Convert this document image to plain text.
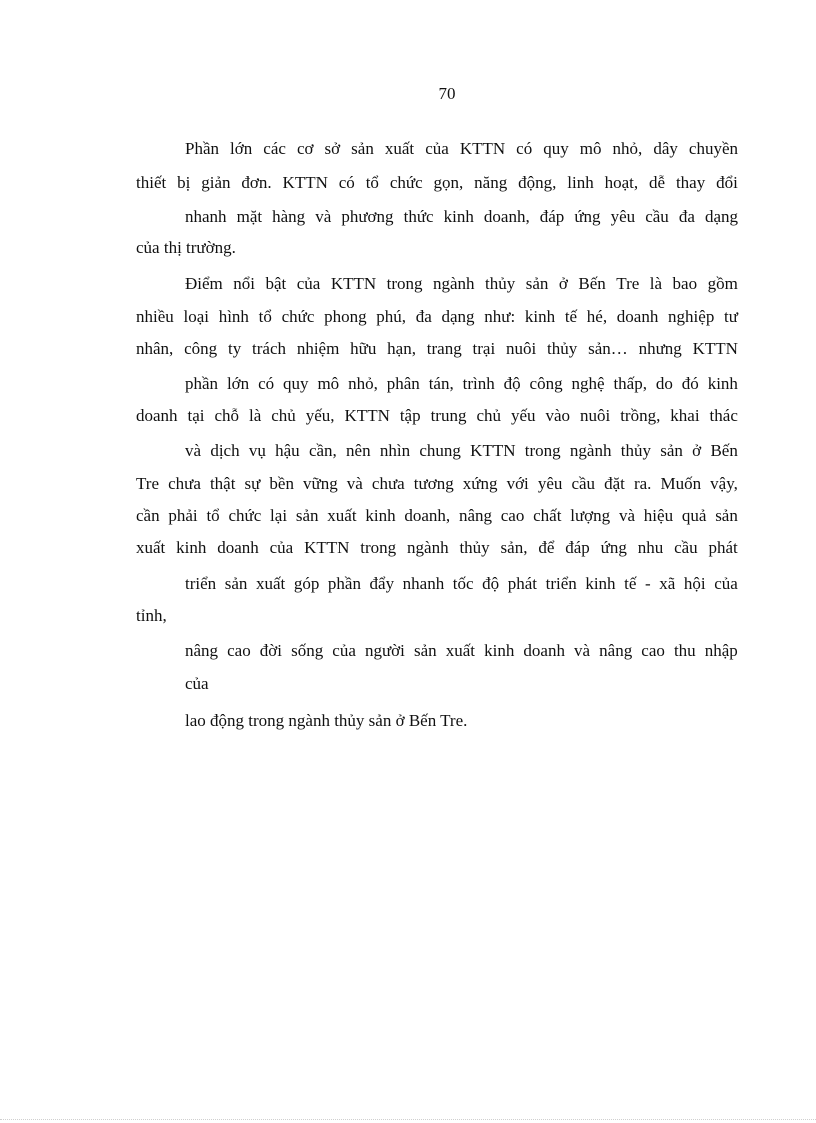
70
Phần lớn các cơ sở sản xuất của KTTN có quy mô nhỏ, dây chuyền
thiết bị giản đơn. KTTN có tổ chức gọn, năng động, linh hoạt, dễ thay đổi
nhanh mặt hàng và phương thức kinh doanh, đáp ứng yêu cầu đa dạng
của thị trường.
Điểm nổi bật của KTTN trong ngành thủy sản ở Bến Tre là bao gồm
nhiều loại hình tổ chức phong phú, đa dạng như: kinh tế hé, doanh nghiệp tư
nhân, công ty trách nhiệm hữu hạn, trang trại nuôi thủy sản… nhưng KTTN
phần lớn có quy mô nhỏ, phân tán, trình độ công nghệ thấp, do đó kinh
doanh tại chỗ là chủ yếu, KTTN tập trung chủ yếu vào nuôi trồng, khai thác
và dịch vụ hậu cần, nên nhìn chung KTTN trong ngành thủy sản ở Bến
Tre chưa thật sự bền vững và chưa tương xứng với yêu cầu đặt ra. Muốn vậy,
cần phải tổ chức lại sản xuất kinh doanh, nâng cao chất lượng và hiệu quả sản
xuất kinh doanh của KTTN trong ngành thủy sản, để đáp ứng nhu cầu phát
triển sản xuất góp phần đẩy nhanh tốc độ phát triển kinh tế - xã hội của
tỉnh,
nâng cao đời sống của người sản xuất kinh doanh và nâng cao thu nhập
của
lao động trong ngành thủy sản ở Bến Tre.
